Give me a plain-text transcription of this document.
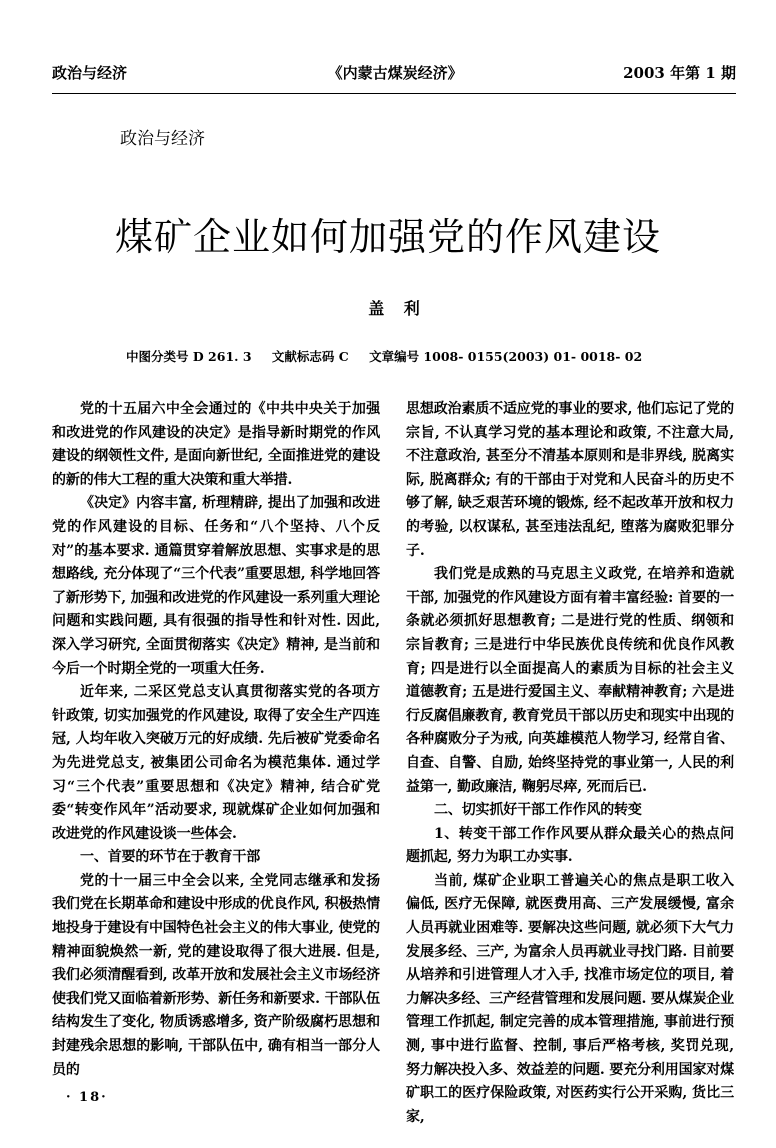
政治与经济	《内蒙古煤炭经济》	2003 年第 1 期
政治与经济
煤矿企业如何加强党的作风建设
盖 利
中图分类号 D 261. 3 文献标志码 C 文章编号 1008- 0155(2003) 01- 0018- 02

党的十五届六中全会通过的《中共中央关于加强和改进党的作风建设的决定》是指导新时期党的作风建设的纲领性文件, 是面向新世纪, 全面推进党的建设的新的伟大工程的重大决策和重大举措.

《决定》内容丰富, 析理精辟, 提出了加强和改进党的作风建设的目标、任务和“八个坚持、八个反对”的基本要求. 通篇贯穿着解放思想、实事求是的思想路线, 充分体现了“三个代表”重要思想, 科学地回答了新形势下, 加强和改进党的作风建设一系列重大理论问题和实践问题, 具有很强的指导性和针对性. 因此, 深入学习研究, 全面贯彻落实《决定》精神, 是当前和今后一个时期全党的一项重大任务.

近年来, 二采区党总支认真贯彻落实党的各项方针政策, 切实加强党的作风建设, 取得了安全生产四连冠, 人均年收入突破万元的好成绩. 先后被矿党委命名为先进党总支, 被集团公司命名为模范集体. 通过学习“三个代表”重要思想和《决定》精神, 结合矿党委“转变作风年”活动要求, 现就煤矿企业如何加强和改进党的作风建设谈一些体会.

一、首要的环节在于教育干部

党的十一届三中全会以来, 全党同志继承和发扬我们党在长期革命和建设中形成的优良作风, 积极热情地投身于建设有中国特色社会主义的伟大事业, 使党的精神面貌焕然一新, 党的建设取得了很大进展. 但是, 我们必须清醒看到, 改革开放和发展社会主义市场经济使我们党又面临着新形势、新任务和新要求. 干部队伍结构发生了变化, 物质诱惑增多, 资产阶级腐朽思想和封建残余思想的影响, 干部队伍中, 确有相当一部分人员的

思想政治素质不适应党的事业的要求, 他们忘记了党的宗旨, 不认真学习党的基本理论和政策, 不注意大局, 不注意政治, 甚至分不清基本原则和是非界线, 脱离实际, 脱离群众; 有的干部由于对党和人民奋斗的历史不够了解, 缺乏艰苦环境的锻炼, 经不起改革开放和权力的考验, 以权谋私, 甚至违法乱纪, 堕落为腐败犯罪分子.

我们党是成熟的马克思主义政党, 在培养和造就干部, 加强党的作风建设方面有着丰富经验: 首要的一条就必须抓好思想教育; 二是进行党的性质、纲领和宗旨教育; 三是进行中华民族优良传统和优良作风教育; 四是进行以全面提高人的素质为目标的社会主义道德教育; 五是进行爱国主义、奉献精神教育; 六是进行反腐倡廉教育, 教育党员干部以历史和现实中出现的各种腐败分子为戒, 向英雄模范人物学习, 经常自省、自查、自警、自励, 始终坚持党的事业第一, 人民的利益第一, 勤政廉洁, 鞠躬尽瘁, 死而后已.

二、切实抓好干部工作作风的转变

1、转变干部工作作风要从群众最关心的热点问题抓起, 努力为职工办实事.

当前, 煤矿企业职工普遍关心的焦点是职工收入偏低, 医疗无保障, 就医费用高、三产发展缓慢, 富余人员再就业困难等. 要解决这些问题, 就必须下大气力发展多经、三产, 为富余人员再就业寻找门路. 目前要从培养和引进管理人才入手, 找准市场定位的项目, 着力解决多经、三产经营管理和发展问题. 要从煤炭企业管理工作抓起, 制定完善的成本管理措施, 事前进行预测, 事中进行监督、控制, 事后严格考核, 奖罚兑现, 努力解决投入多、效益差的问题. 要充分利用国家对煤矿职工的医疗保险政策, 对医药实行公开采购, 货比三家,

· 18·
